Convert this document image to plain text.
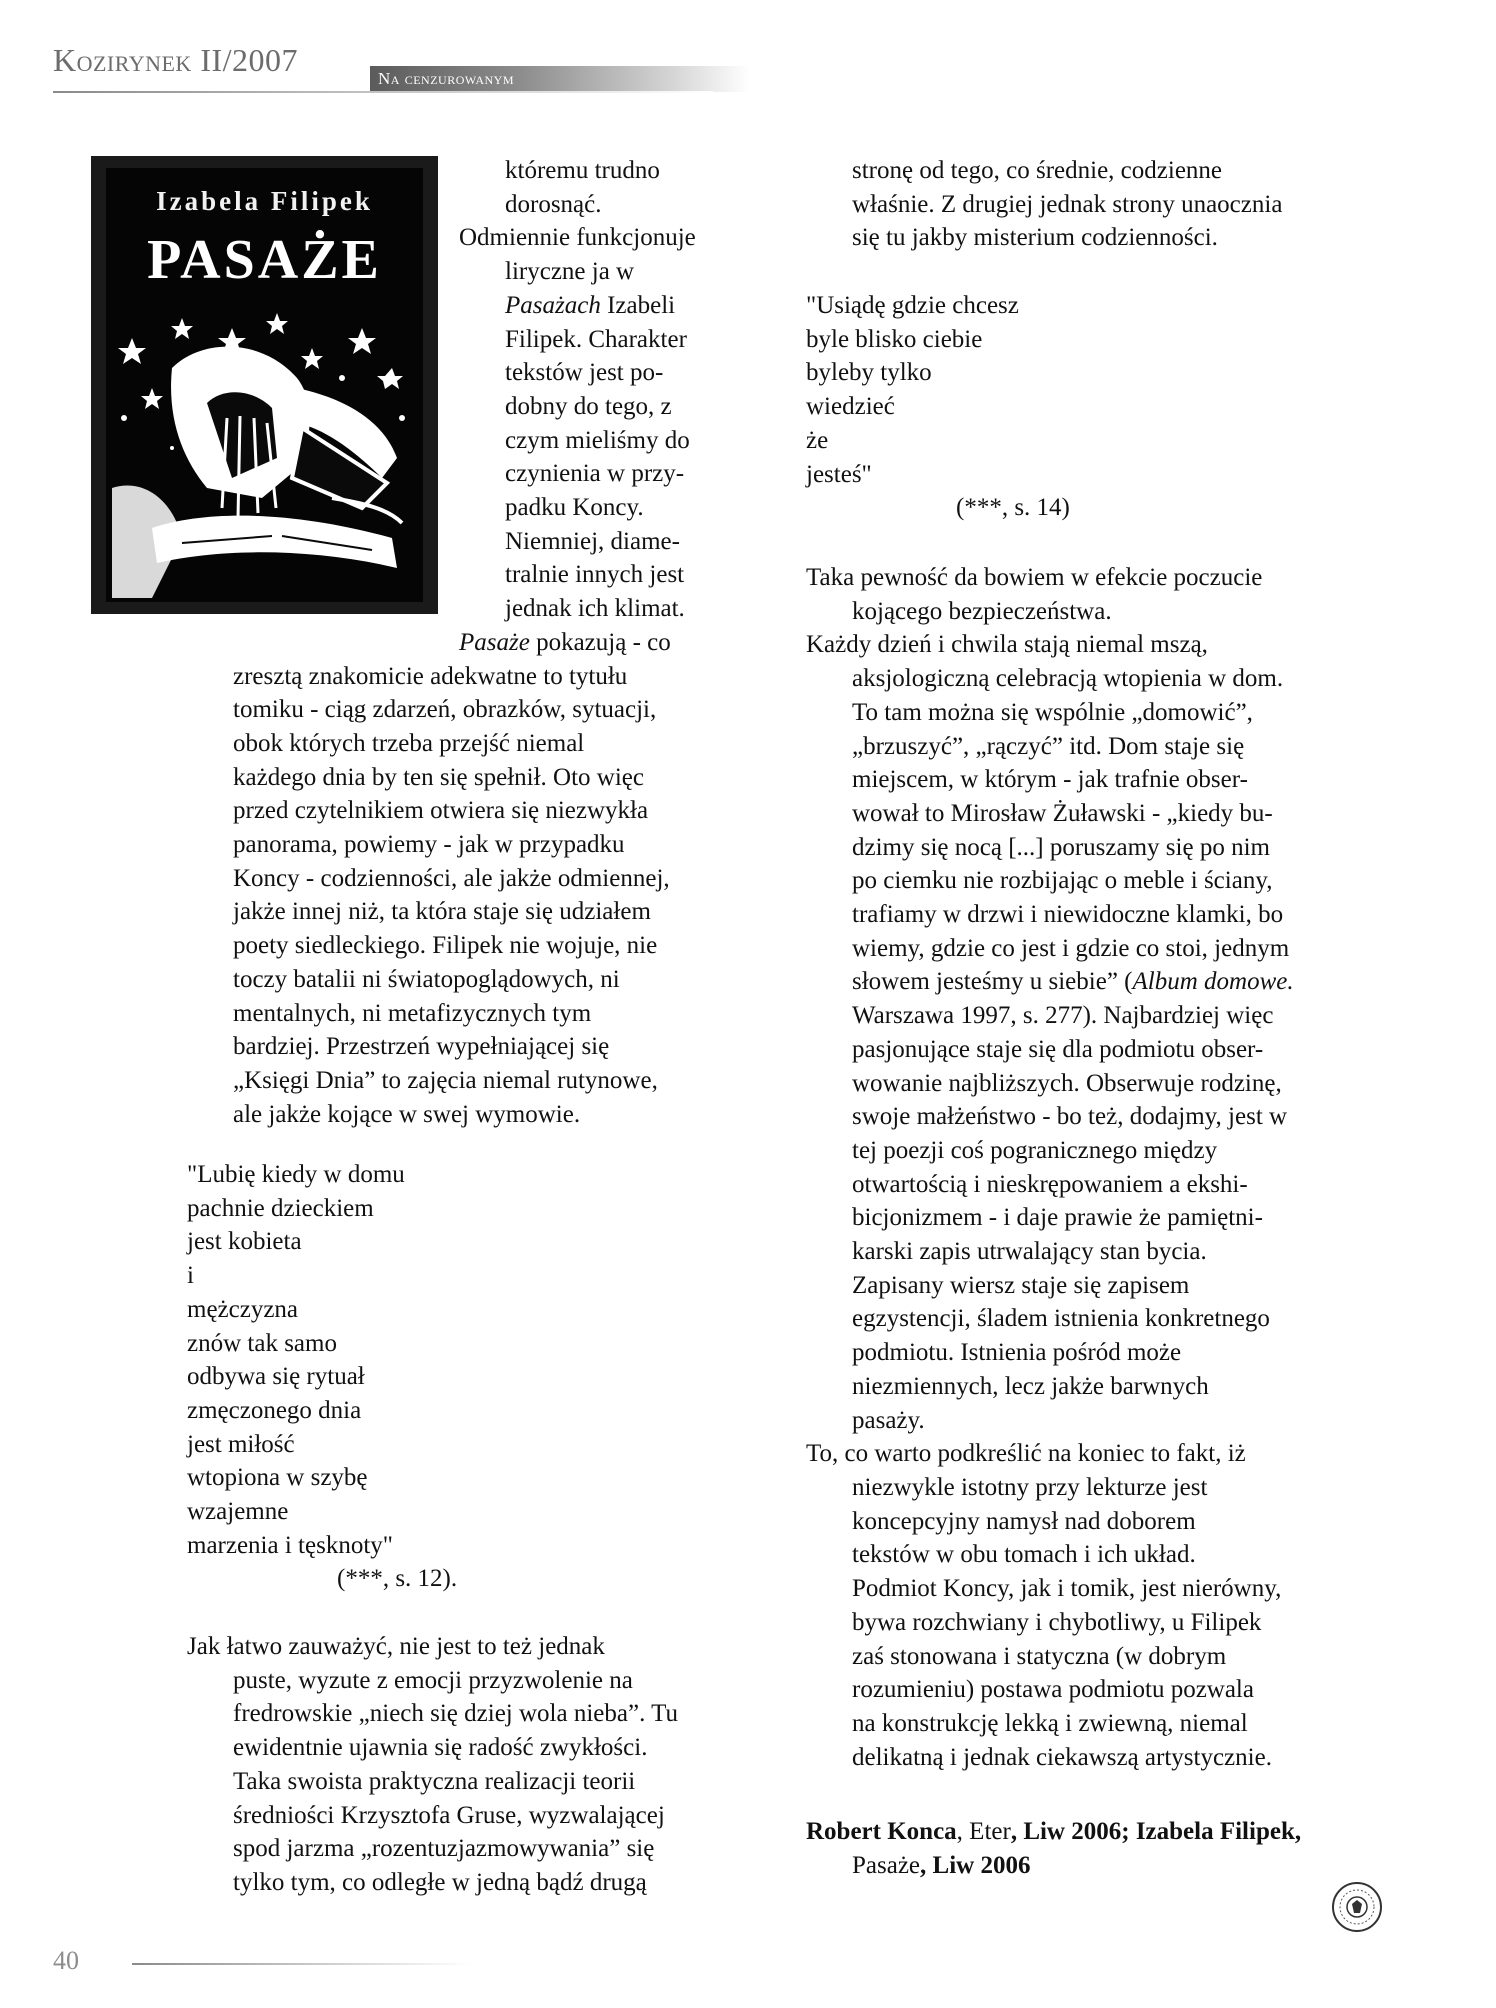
Kozirynek II/2007
Na cenzurowanym
Izabela Filipek
PASAŻE

któremu trudno

dorosnąć.

Odmiennie funkcjonuje

liryczne ja w

Pasażach Izabeli

Filipek. Charakter

tekstów jest po-

dobny do tego, z

czym mieliśmy do

czynienia w przy-

padku Koncy.

Niemniej, diame-

tralnie innych jest

jednak ich klimat.

Pasaże pokazują - co

zresztą znakomicie adekwatne to tytułu

tomiku - ciąg zdarzeń, obrazków, sytuacji,

obok których trzeba przejść niemal

każdego dnia by ten się spełnił. Oto więc

przed czytelnikiem otwiera się niezwykła

panorama, powiemy - jak w przypadku

Koncy - codzienności, ale jakże odmiennej,

jakże innej niż, ta która staje się udziałem

poety siedleckiego. Filipek nie wojuje, nie

toczy batalii ni światopoglądowych, ni

mentalnych, ni metafizycznych tym

bardziej. Przestrzeń wypełniającej się

„Księgi Dnia” to zajęcia niemal rutynowe,

ale jakże kojące w swej wymowie.

"Lubię kiedy w domu

pachnie dzieckiem

jest kobieta

i

mężczyzna

znów tak samo

odbywa się rytuał

zmęczonego dnia

jest miłość

wtopiona w szybę

wzajemne

marzenia i tęsknoty"

(***, s. 12).

Jak łatwo zauważyć, nie jest to też jednak

puste, wyzute z emocji przyzwolenie na

fredrowskie „niech się dziej wola nieba”. Tu

ewidentnie ujawnia się radość zwykłości.

Taka swoista praktyczna realizacji teorii

średniości Krzysztofa Gruse, wyzwalającej

spod jarzma „rozentuzjazmowywania” się

tylko tym, co odległe w jedną bądź drugą

stronę od tego, co średnie, codzienne

właśnie. Z drugiej jednak strony unaocznia

się tu jakby misterium codzienności.

"Usiądę gdzie chcesz

byle blisko ciebie

byleby tylko

wiedzieć

że

jesteś"

(***, s. 14)

Taka pewność da bowiem w efekcie poczucie

kojącego bezpieczeństwa.

Każdy dzień i chwila stają niemal mszą,

aksjologiczną celebracją wtopienia w dom.

To tam można się wspólnie „domowić”,

„brzuszyć”, „rączyć” itd. Dom staje się

miejscem, w którym - jak trafnie obser-

wował to Mirosław Żuławski - „kiedy bu-

dzimy się nocą [...] poruszamy się po nim

po ciemku nie rozbijając o meble i ściany,

trafiamy w drzwi i niewidoczne klamki, bo

wiemy, gdzie co jest i gdzie co stoi, jednym

słowem jesteśmy u siebie” (Album domowe.

Warszawa 1997, s. 277). Najbardziej więc

pasjonujące staje się dla podmiotu obser-

wowanie najbliższych. Obserwuje rodzinę,

swoje małżeństwo - bo też, dodajmy, jest w

tej poezji coś pogranicznego między

otwartością i nieskrępowaniem a ekshi-

bicjonizmem - i daje prawie że pamiętni-

karski zapis utrwalający stan bycia.

Zapisany wiersz staje się zapisem

egzystencji, śladem istnienia konkretnego

podmiotu. Istnienia pośród może

niezmiennych, lecz jakże barwnych

pasaży.

To, co warto podkreślić na koniec to fakt, iż

niezwykle istotny przy lekturze jest

koncepcyjny namysł nad doborem

tekstów w obu tomach i ich układ.

Podmiot Koncy, jak i tomik, jest nierówny,

bywa rozchwiany i chybotliwy, u Filipek

zaś stonowana i statyczna (w dobrym

rozumieniu) postawa podmiotu pozwala

na konstrukcję lekką i zwiewną, niemal

delikatną i jednak ciekawszą artystycznie.

Robert Konca, Eter, Liw 2006; Izabela Filipek,

Pasaże, Liw 2006

40
